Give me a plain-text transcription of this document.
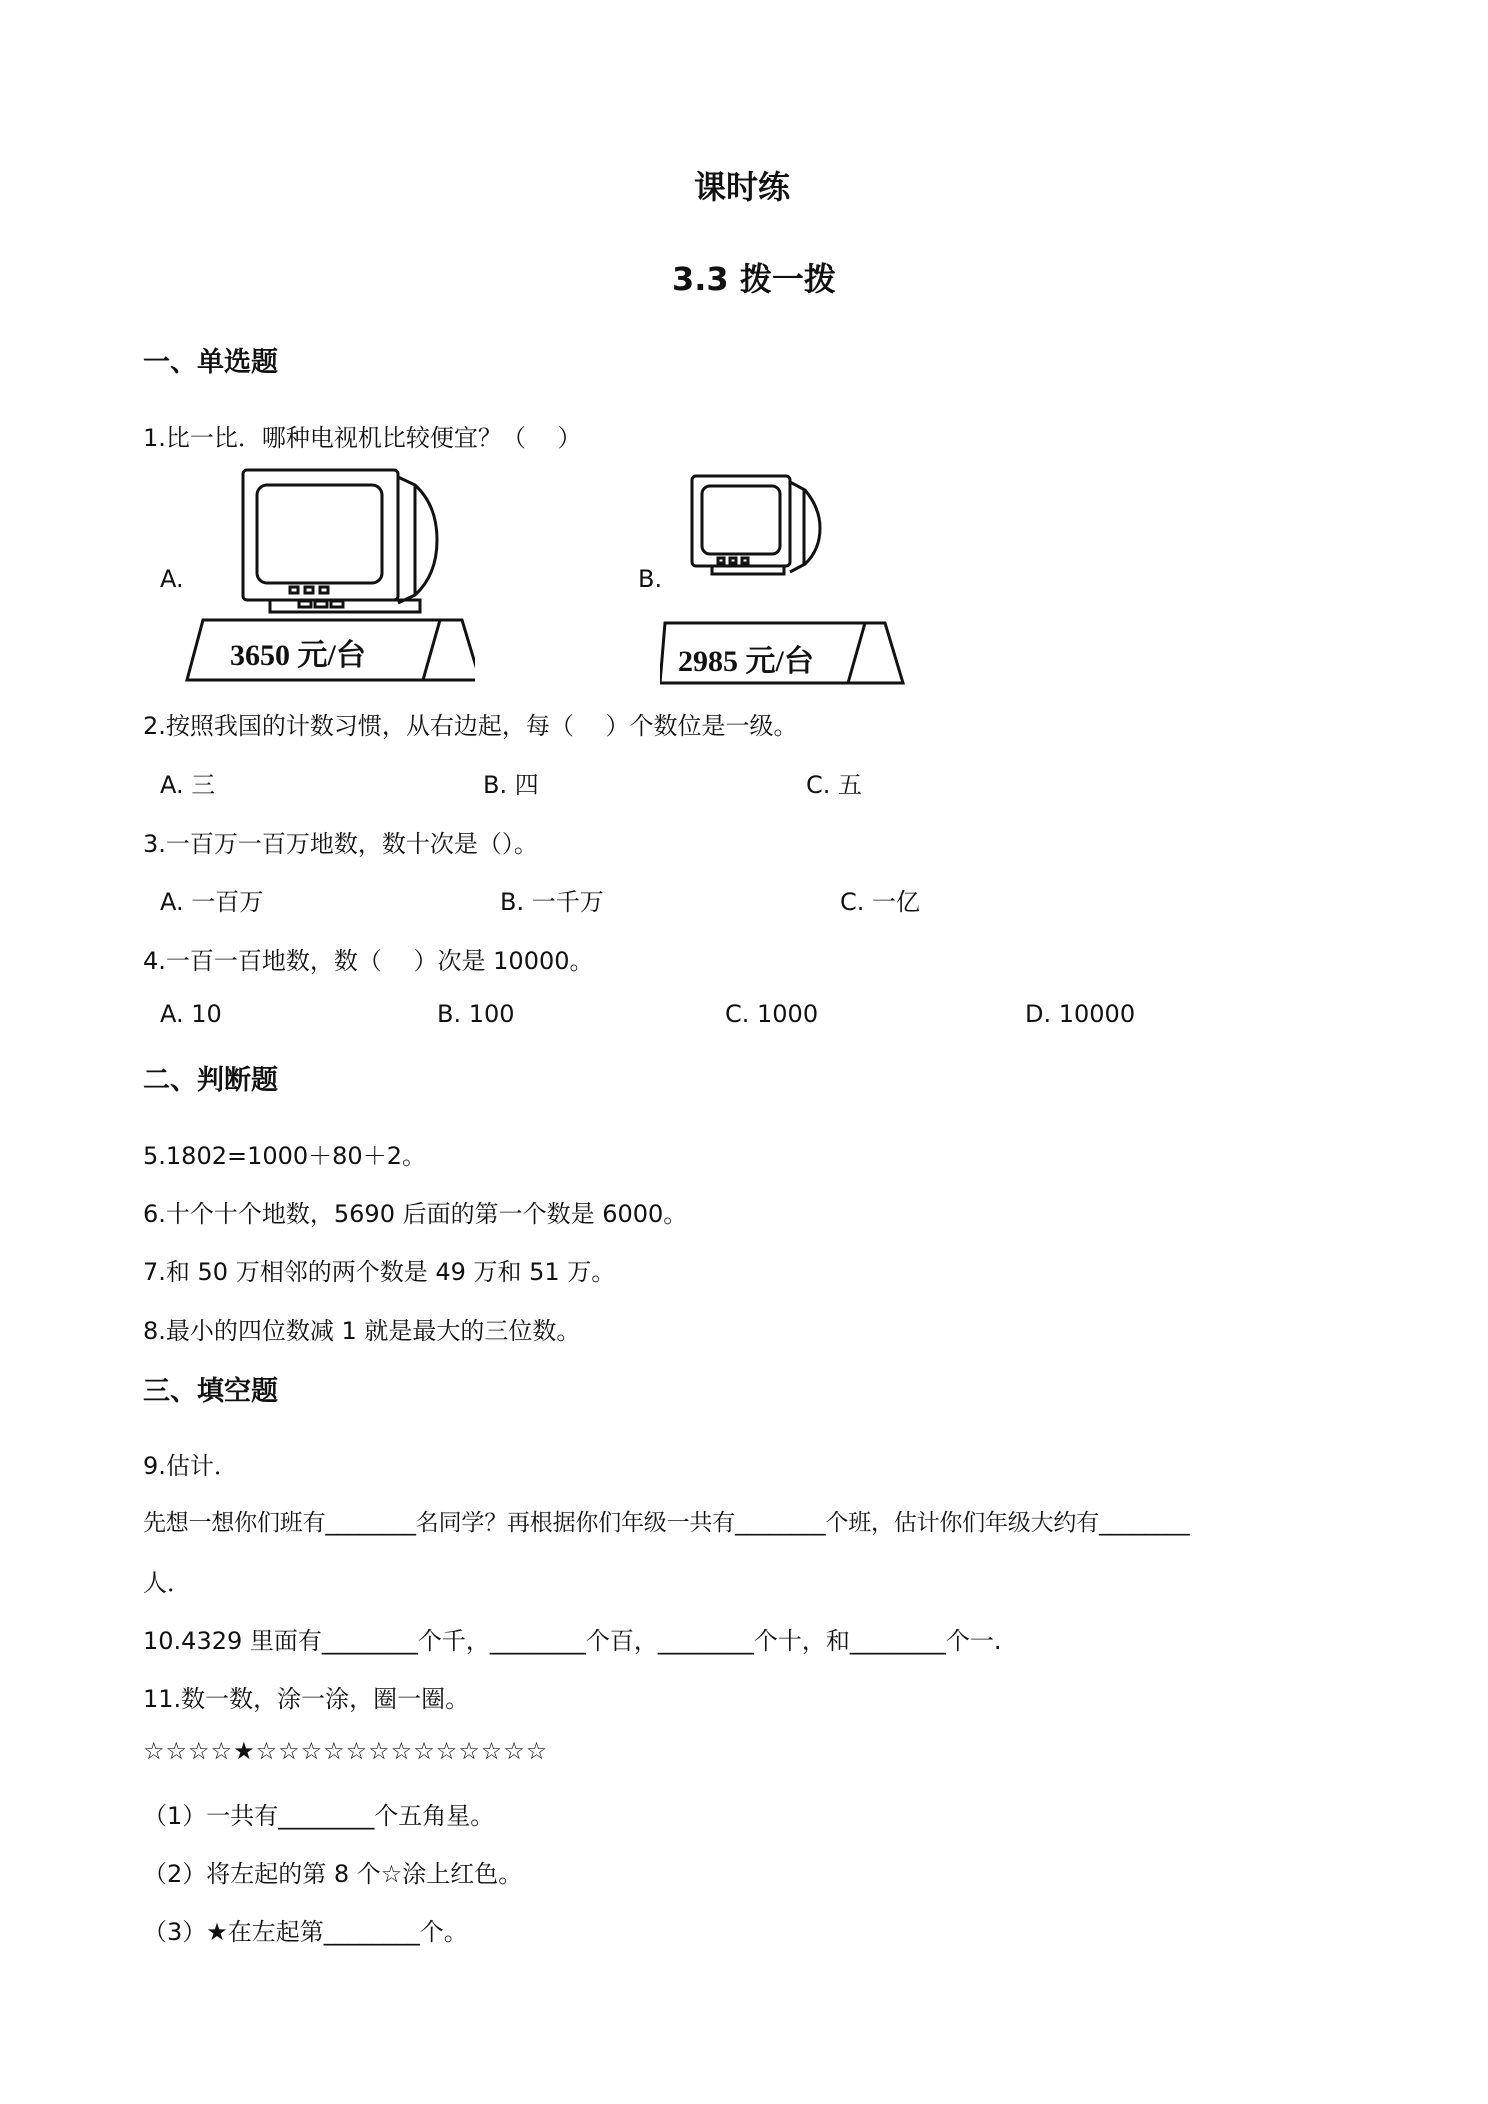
课时练
3.3 拨一拨
一、单选题
1.比一比．哪种电视机比较便宜？（　 ）
A.
3650 元/台
B.
2985 元/台
2.按照我国的计数习惯，从右边起，每（　 ）个数位是一级。
A. 三	B. 四	C. 五
3.一百万一百万地数，数十次是（）。
A. 一百万	B. 一千万	C. 一亿
4.一百一百地数，数（　 ）次是 10000。
A. 10	B. 100	C. 1000	D. 10000
二、判断题
5.1802=1000＋80＋2。
6.十个十个地数，5690 后面的第一个数是 6000。
7.和 50 万相邻的两个数是 49 万和 51 万。
8.最小的四位数减 1 就是最大的三位数。
三、填空题
9.估计．
先想一想你们班有________名同学？再根据你们年级一共有________个班，估计你们年级大约有________
人．
10.4329 里面有________个千，________个百，________个十，和________个一.
11.数一数，涂一涂，圈一圈。
☆☆☆☆★☆☆☆☆☆☆☆☆☆☆☆☆☆
（1）一共有________个五角星。
（2）将左起的第 8 个☆涂上红色。
（3）★在左起第________个。
